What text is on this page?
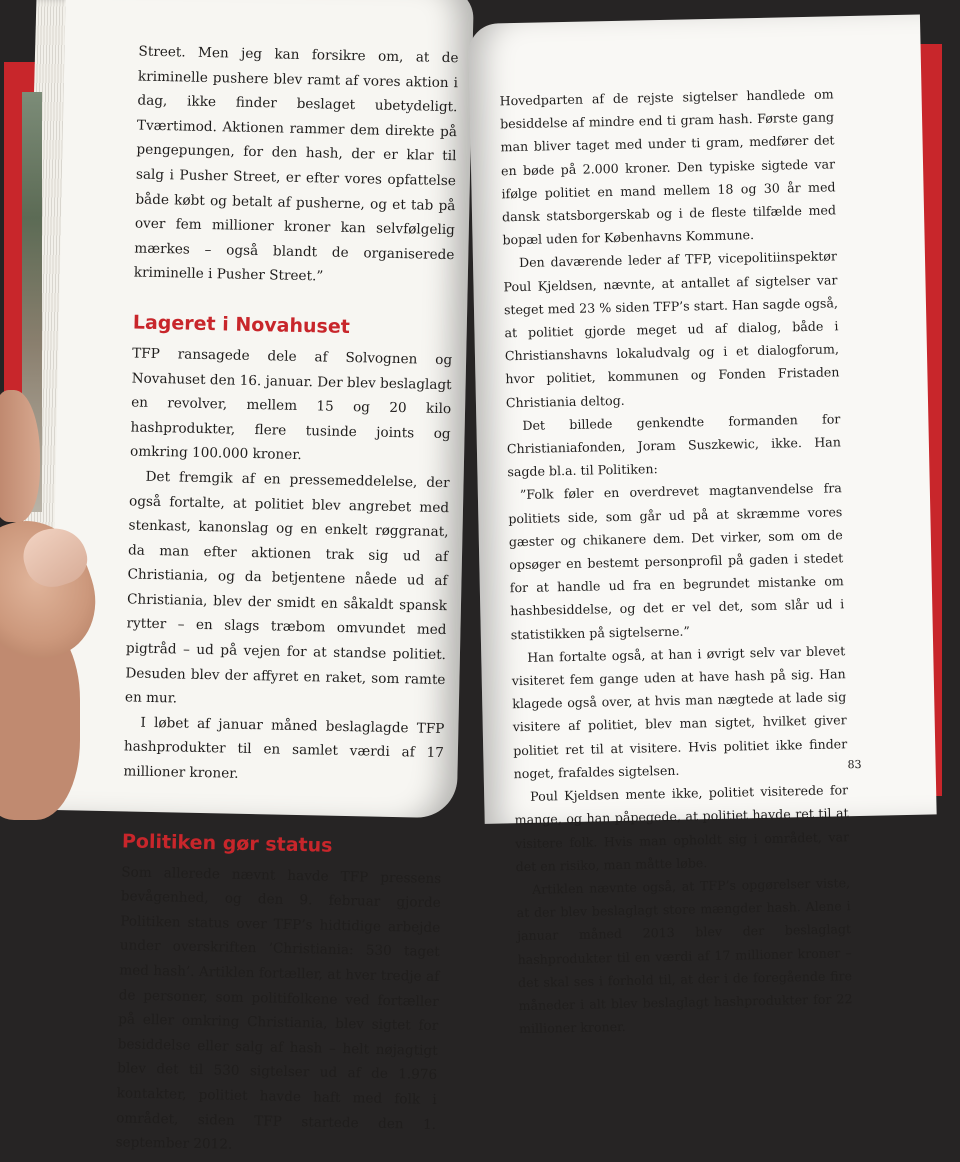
Street. Men jeg kan forsikre om, at de kriminelle pushere blev ramt af vores aktion i dag, ikke finder beslaget ubetydeligt. Tværtimod. Aktionen rammer dem direkte på pengepungen, for den hash, der er klar til salg i Pusher Street, er efter vores opfattelse både købt og betalt af pusherne, og et tab på over fem millioner kroner kan selvfølgelig mærkes – også blandt de organiserede kriminelle i Pusher Street.”

Lageret i Novahuset

TFP ransagede dele af Solvognen og Novahuset den 16. januar. Der blev beslaglagt en revolver, mellem 15 og 20 kilo hashprodukter, flere tusinde joints og omkring 100.000 kroner.

Det fremgik af en pressemeddelelse, der også fortalte, at politiet blev angrebet med stenkast, kanonslag og en enkelt røggranat, da man efter aktionen trak sig ud af Christiania, og da betjentene nåede ud af Christiania, blev der smidt en såkaldt spansk rytter – en slags træbom omvundet med pigtråd – ud på vejen for at standse politiet. Desuden blev der affyret en raket, som ramte en mur.

I løbet af januar måned beslaglagde TFP hashprodukter til en samlet værdi af 17 millioner kroner.

Politiken gør status

Som allerede nævnt havde TFP pressens bevågenhed, og den 9. februar gjorde Politiken status over TFP’s hidtidige arbejde under overskriften ’Christiania: 530 taget med hash’. Artiklen fortæller, at hver tredje af de personer, som politifolkene ved fortæller på eller omkring Christiania, blev sigtet for besiddelse eller salg af hash – helt nøjagtigt blev det til 530 sigtelser ud af de 1.976 kontakter, politiet havde haft med folk i området, siden TFP startede den 1. september 2012.

Hovedparten af de rejste sigtelser handlede om besiddelse af mindre end ti gram hash. Første gang man bliver taget med under ti gram, medfører det en bøde på 2.000 kroner. Den typiske sigtede var ifølge politiet en mand mellem 18 og 30 år med dansk statsborgerskab og i de fleste tilfælde med bopæl uden for Københavns Kommune.

Den daværende leder af TFP, vicepolitiinspektør Poul Kjeldsen, nævnte, at antallet af sigtelser var steget med 23 % siden TFP’s start. Han sagde også, at politiet gjorde meget ud af dialog, både i Christianshavns lokaludvalg og i et dialogforum, hvor politiet, kommunen og Fonden Fristaden Christiania deltog.

Det billede genkendte formanden for Christianiafonden, Joram Suszkewic, ikke. Han sagde bl.a. til Politiken:

”Folk føler en overdrevet magtanvendelse fra politiets side, som går ud på at skræmme vores gæster og chikanere dem. Det virker, som om de opsøger en bestemt personprofil på gaden i stedet for at handle ud fra en begrundet mistanke om hashbesiddelse, og det er vel det, som slår ud i statistikken på sigtelserne.”

Han fortalte også, at han i øvrigt selv var blevet visiteret fem gange uden at have hash på sig. Han klagede også over, at hvis man nægtede at lade sig visitere af politiet, blev man sigtet, hvilket giver politiet ret til at visitere. Hvis politiet ikke finder noget, frafaldes sigtelsen.

Poul Kjeldsen mente ikke, politiet visiterede for mange, og han påpegede, at politiet havde ret til at visitere folk. Hvis man opholdt sig i området, var det en risiko, man måtte løbe.

Artiklen nævnte også, at TFP’s opgørelser viste, at der blev beslaglagt store mængder hash. Alene i januar måned 2013 blev der beslaglagt hashprodukter til en værdi af 17 millioner kroner – det skal ses i forhold til, at der i de foregående fire måneder i alt blev beslaglagt hashprodukter for 22 millioner kroner.

83
